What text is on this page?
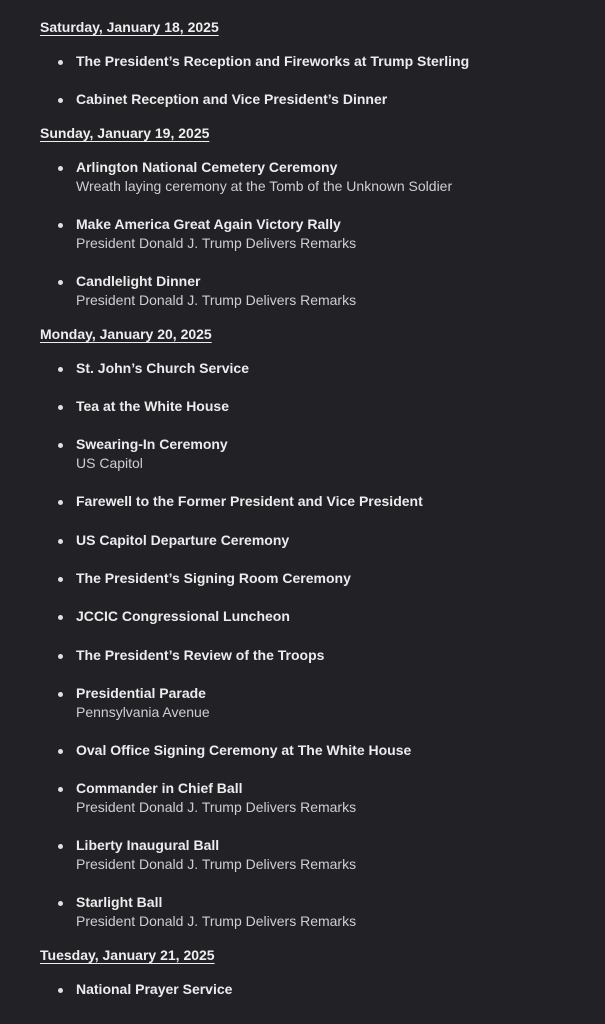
Saturday, January 18, 2025
The President’s Reception and Fireworks at Trump Sterling
Cabinet Reception and Vice President’s Dinner
Sunday, January 19, 2025
Arlington National Cemetery Ceremony
Wreath laying ceremony at the Tomb of the Unknown Soldier
Make America Great Again Victory Rally
President Donald J. Trump Delivers Remarks
Candlelight Dinner
President Donald J. Trump Delivers Remarks
Monday, January 20, 2025
St. John’s Church Service
Tea at the White House
Swearing-In Ceremony
US Capitol
Farewell to the Former President and Vice President
US Capitol Departure Ceremony
The President’s Signing Room Ceremony
JCCIC Congressional Luncheon
The President’s Review of the Troops
Presidential Parade
Pennsylvania Avenue
Oval Office Signing Ceremony at The White House
Commander in Chief Ball
President Donald J. Trump Delivers Remarks
Liberty Inaugural Ball
President Donald J. Trump Delivers Remarks
Starlight Ball
President Donald J. Trump Delivers Remarks
Tuesday, January 21, 2025
National Prayer Service
